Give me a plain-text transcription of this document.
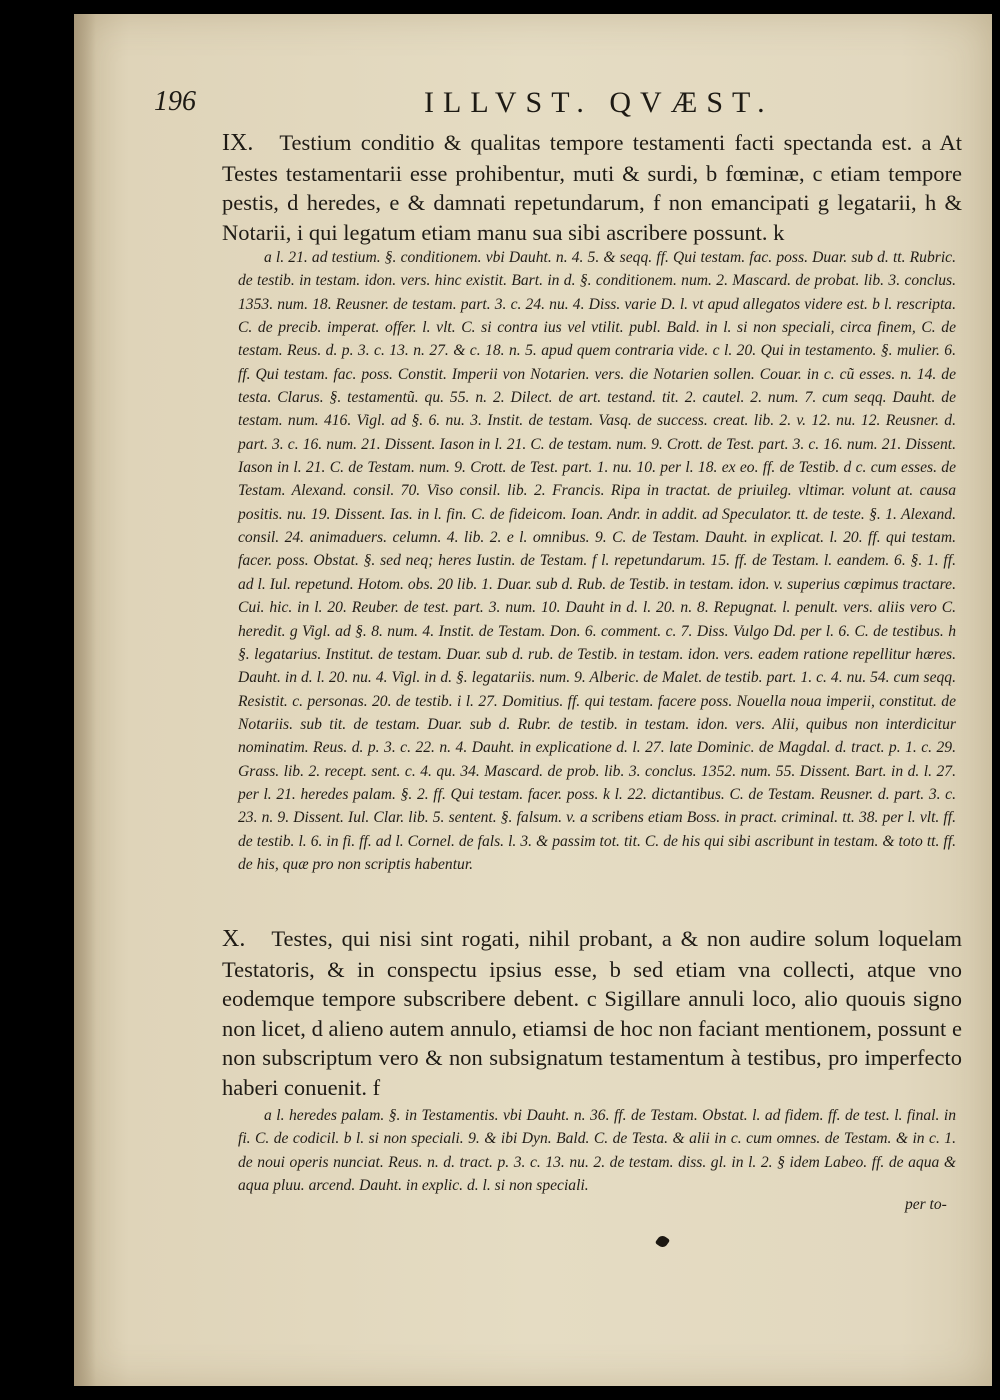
196	ILLVST. QVÆST.

IX. Testium conditio & qualitas tempore testamenti facti spectanda est. a At Testes testamentarii esse prohibentur, muti & surdi, b fœminæ, c etiam tempore pestis, d heredes, e & damnati repetundarum, f non emancipati g legatarii, h & Notarii, i qui legatum etiam manu sua sibi ascribere possunt. k

a l. 21. ad testium. §. conditionem. vbi Dauht. n. 4. 5. & seqq. ff. Qui testam. fac. poss. Duar. sub d. tt. Rubric. de testib. in testam. idon. vers. hinc existit. Bart. in d. §. conditionem. num. 2. Mascard. de probat. lib. 3. conclus. 1353. num. 18. Reusner. de testam. part. 3. c. 24. nu. 4. Diss. varie D. l. vt apud allegatos videre est. b l. rescripta. C. de precib. imperat. offer. l. vlt. C. si contra ius vel vtilit. publ. Bald. in l. si non speciali, circa finem, C. de testam. Reus. d. p. 3. c. 13. n. 27. & c. 18. n. 5. apud quem contraria vide. c l. 20. Qui in testamento. §. mulier. 6. ff. Qui testam. fac. poss. Constit. Imperii von Notarien. vers. die Notarien sollen. Couar. in c. cũ esses. n. 14. de testa. Clarus. §. testamentũ. qu. 55. n. 2. Dilect. de art. testand. tit. 2. cautel. 2. num. 7. cum seqq. Dauht. de testam. num. 416. Vigl. ad §. 6. nu. 3. Instit. de testam. Vasq. de success. creat. lib. 2. v. 12. nu. 12. Reusner. d. part. 3. c. 16. num. 21. Dissent. Iason in l. 21. C. de testam. num. 9. Crott. de Test. part. 3. c. 16. num. 21. Dissent. Iason in l. 21. C. de Testam. num. 9. Crott. de Test. part. 1. nu. 10. per l. 18. ex eo. ff. de Testib. d c. cum esses. de Testam. Alexand. consil. 70. Viso consil. lib. 2. Francis. Ripa in tractat. de priuileg. vltimar. volunt at. causa positis. nu. 19. Dissent. Ias. in l. fin. C. de fideicom. Ioan. Andr. in addit. ad Speculator. tt. de teste. §. 1. Alexand. consil. 24. animaduers. celumn. 4. lib. 2. e l. omnibus. 9. C. de Testam. Dauht. in explicat. l. 20. ff. qui testam. facer. poss. Obstat. §. sed neq; heres Iustin. de Testam. f l. repetundarum. 15. ff. de Testam. l. eandem. 6. §. 1. ff. ad l. Iul. repetund. Hotom. obs. 20 lib. 1. Duar. sub d. Rub. de Testib. in testam. idon. v. superius cœpimus tractare. Cui. hic. in l. 20. Reuber. de test. part. 3. num. 10. Dauht in d. l. 20. n. 8. Repugnat. l. penult. vers. aliis vero C. heredit. g Vigl. ad §. 8. num. 4. Instit. de Testam. Don. 6. comment. c. 7. Diss. Vulgo Dd. per l. 6. C. de testibus. h §. legatarius. Institut. de testam. Duar. sub d. rub. de Testib. in testam. idon. vers. eadem ratione repellitur hæres. Dauht. in d. l. 20. nu. 4. Vigl. in d. §. legatariis. num. 9. Alberic. de Malet. de testib. part. 1. c. 4. nu. 54. cum seqq. Resistit. c. personas. 20. de testib. i l. 27. Domitius. ff. qui testam. facere poss. Nouella noua imperii, constitut. de Notariis. sub tit. de testam. Duar. sub d. Rubr. de testib. in testam. idon. vers. Alii, quibus non interdicitur nominatim. Reus. d. p. 3. c. 22. n. 4. Dauht. in explicatione d. l. 27. late Dominic. de Magdal. d. tract. p. 1. c. 29. Grass. lib. 2. recept. sent. c. 4. qu. 34. Mascard. de prob. lib. 3. conclus. 1352. num. 55. Dissent. Bart. in d. l. 27. per l. 21. heredes palam. §. 2. ff. Qui testam. facer. poss. k l. 22. dictantibus. C. de Testam. Reusner. d. part. 3. c. 23. n. 9. Dissent. Iul. Clar. lib. 5. sentent. §. falsum. v. a scribens etiam Boss. in pract. criminal. tt. 38. per l. vlt. ff. de testib. l. 6. in fi. ff. ad l. Cornel. de fals. l. 3. & passim tot. tit. C. de his qui sibi ascribunt in testam. & toto tt. ff. de his, quæ pro non scriptis habentur.

X. Testes, qui nisi sint rogati, nihil probant, a & non audire solum loquelam Testatoris, & in conspectu ipsius esse, b sed etiam vna collecti, atque vno eodemque tempore subscribere debent. c Sigillare annuli loco, alio quouis signo non licet, d alieno autem annulo, etiamsi de hoc non faciant mentionem, possunt e non subscriptum vero & non subsignatum testamentum à testibus, pro imperfecto haberi conuenit. f

a l. heredes palam. §. in Testamentis. vbi Dauht. n. 36. ff. de Testam. Obstat. l. ad fidem. ff. de test. l. final. in fi. C. de codicil. b l. si non speciali. 9. & ibi Dyn. Bald. C. de Testa. & alii in c. cum omnes. de Testam. & in c. 1. de noui operis nunciat. Reus. n. d. tract. p. 3. c. 13. nu. 2. de testam. diss. gl. in l. 2. § idem Labeo. ff. de aqua & aqua pluu. arcend. Dauht. in explic. d. l. si non speciali.

per to-
